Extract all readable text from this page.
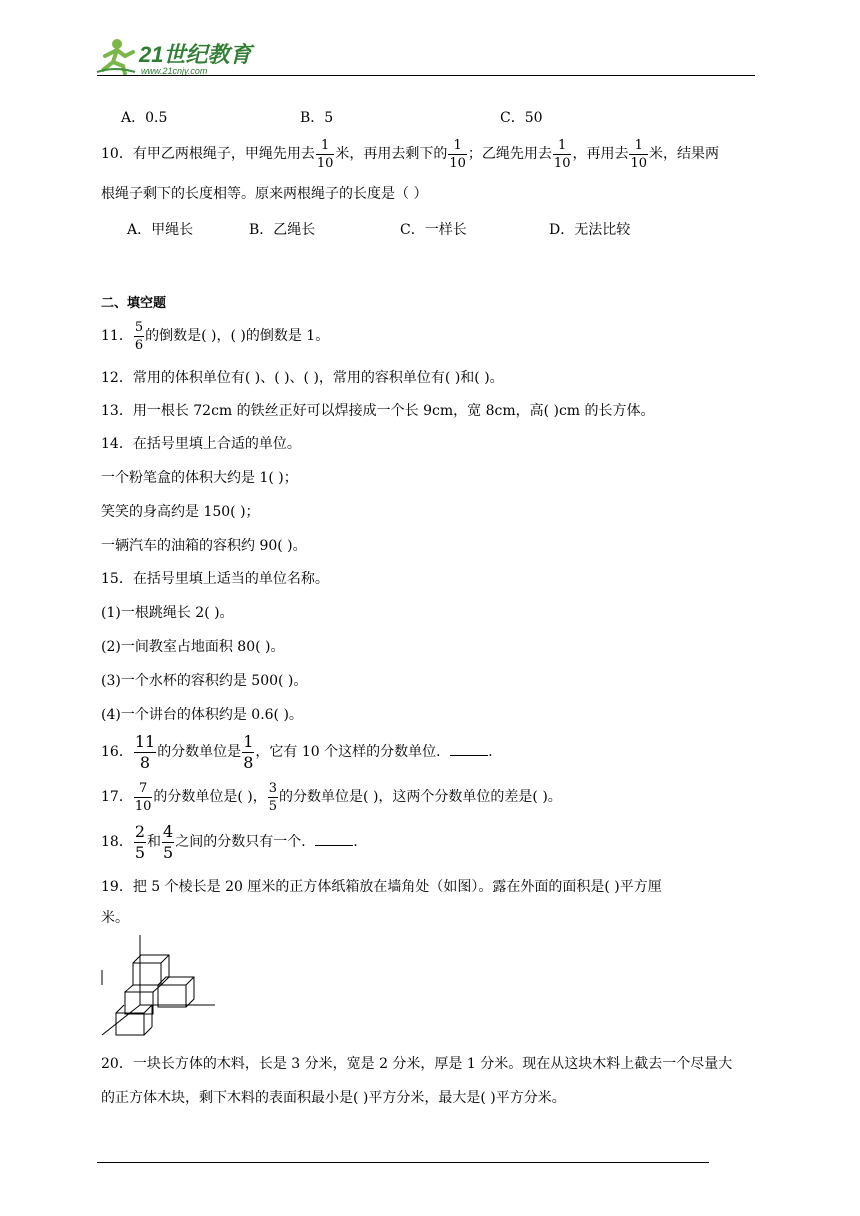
21世纪教育
www.21cnjy.com
A．0.5	B．5	C．50
10．有甲乙两根绳子，甲绳先用去 $\frac{1}{10}$ 米，再用去剩下的 $\frac{1}{10}$ ；乙绳先用去 $\frac{1}{10}$ ，再用去 $\frac{1}{10}$ 米，结果两
根绳子剩下的长度相等。原来两根绳子的长度是（ ）
A．甲绳长	B．乙绳长	C．一样长	D．无法比较
二、填空题
11． $\frac{5}{6}$ 的倒数是( )，( )的倒数是 1。
12．常用的体积单位有( )、( )、( )，常用的容积单位有( )和( )。
13．用一根长 72cm 的铁丝正好可以焊接成一个长 9cm，宽 8cm，高( )cm 的长方体。
14．在括号里填上合适的单位。
一个粉笔盒的体积大约是 1( )；
笑笑的身高约是 150( )；
一辆汽车的油箱的容积约 90( )。
15．在括号里填上适当的单位名称。
(1)一根跳绳长 2( )。
(2)一间教室占地面积 80( )。
(3)一个水杯的容积约是 500( )。
(4)一个讲台的体积约是 0.6( )。
16． $\frac{11}{8}$ 的分数单位是 $\frac{1}{8}$ ，它有 10 个这样的分数单位．	.
17． $\frac{7}{10}$ 的分数单位是( )， $\frac{3}{5}$ 的分数单位是( )，这两个分数单位的差是( )。
18． $\frac{2}{5}$ 和 $\frac{4}{5}$ 之间的分数只有一个．	.
19．把 5 个棱长是 20 厘米的正方体纸箱放在墙角处（如图）。露在外面的面积是( )平方厘
米。
20．一块长方体的木料，长是 3 分米，宽是 2 分米，厚是 1 分米。现在从这块木料上截去一个尽量大
的正方体木块，剩下木料的表面积最小是( )平方分米，最大是( )平方分米。
